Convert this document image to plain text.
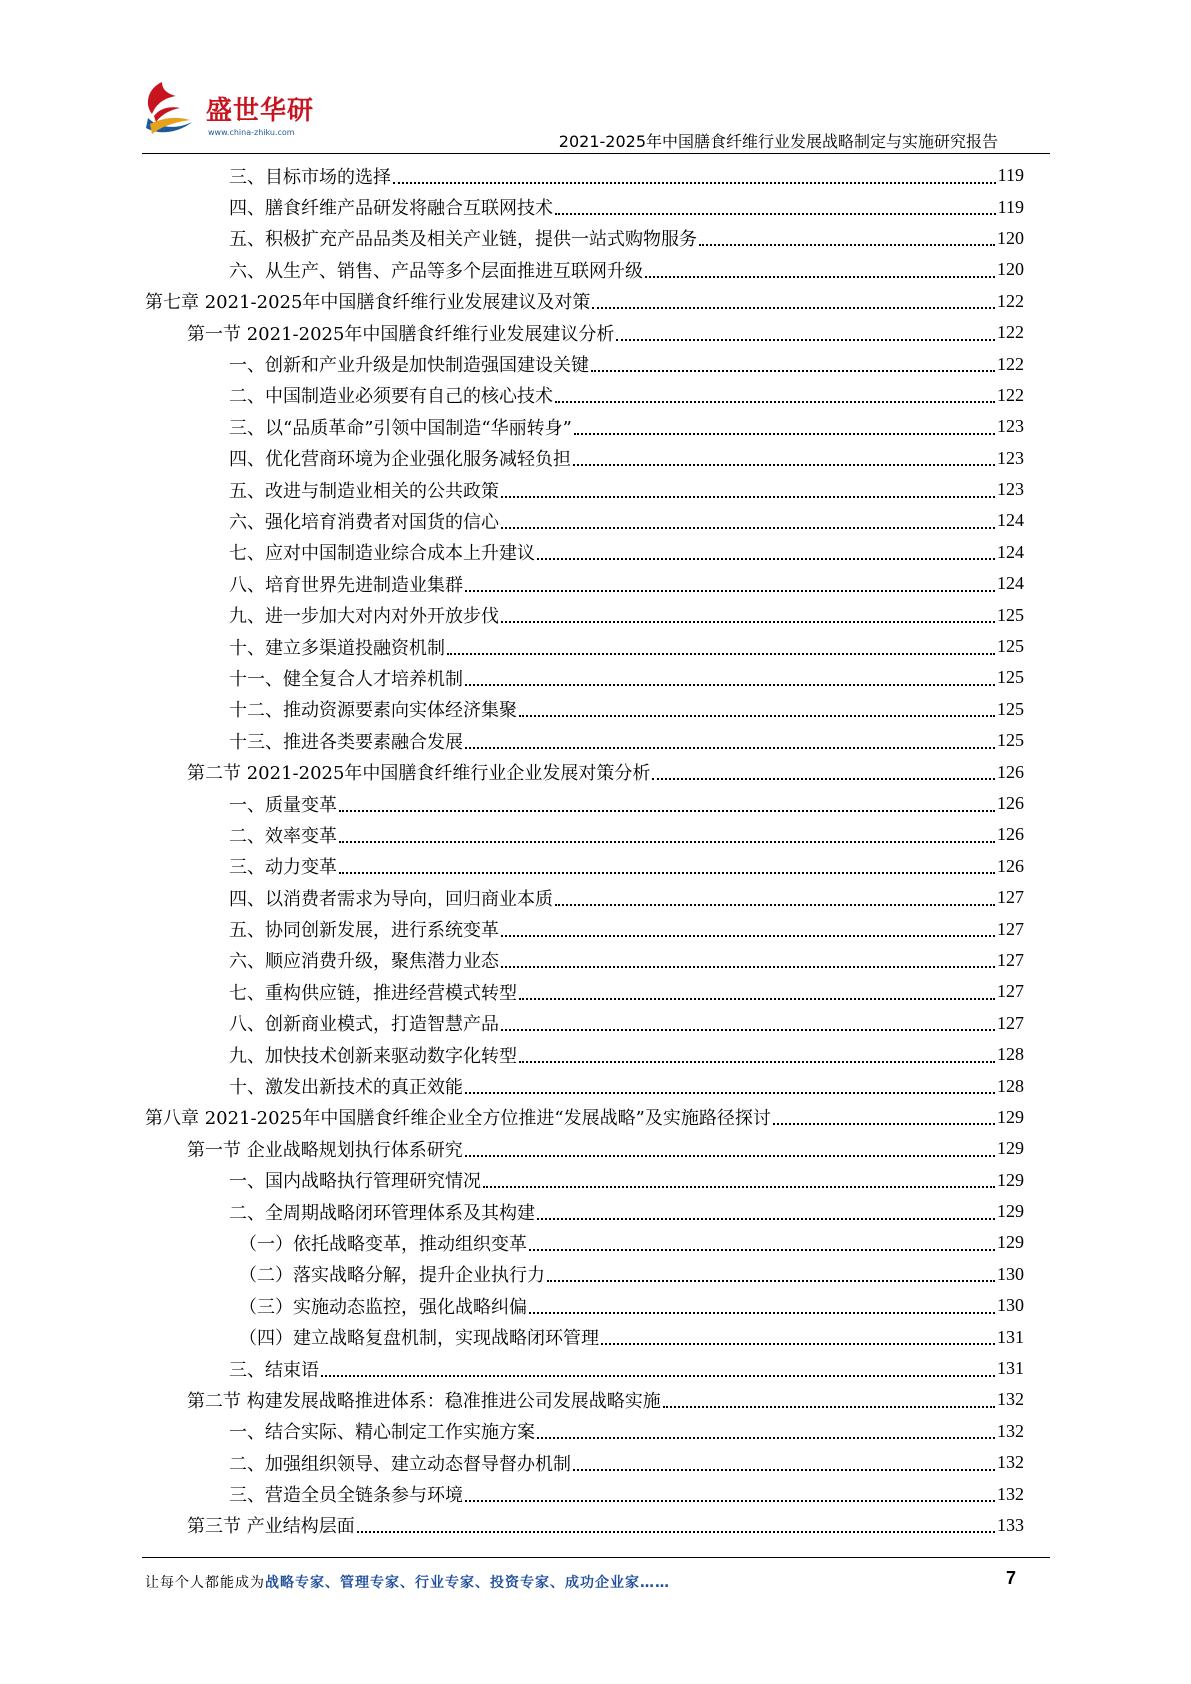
盛世华研
www.china-zhiku.com	2021-2025年中国膳食纤维行业发展战略制定与实施研究报告
三、目标市场的选择	119
四、膳食纤维产品研发将融合互联网技术	119
五、积极扩充产品品类及相关产业链，提供一站式购物服务	120
六、从生产、销售、产品等多个层面推进互联网升级	120
第七章 2021-2025年中国膳食纤维行业发展建议及对策	122
第一节 2021-2025年中国膳食纤维行业发展建议分析	122
一、创新和产业升级是加快制造强国建设关键	122
二、中国制造业必须要有自己的核心技术	122
三、以“品质革命”引领中国制造“华丽转身”	123
四、优化营商环境为企业强化服务减轻负担	123
五、改进与制造业相关的公共政策	123
六、强化培育消费者对国货的信心	124
七、应对中国制造业综合成本上升建议	124
八、培育世界先进制造业集群	124
九、进一步加大对内对外开放步伐	125
十、建立多渠道投融资机制	125
十一、健全复合人才培养机制	125
十二、推动资源要素向实体经济集聚	125
十三、推进各类要素融合发展	125
第二节 2021-2025年中国膳食纤维行业企业发展对策分析	126
一、质量变革	126
二、效率变革	126
三、动力变革	126
四、以消费者需求为导向，回归商业本质	127
五、协同创新发展，进行系统变革	127
六、顺应消费升级，聚焦潜力业态	127
七、重构供应链，推进经营模式转型	127
八、创新商业模式，打造智慧产品	127
九、加快技术创新来驱动数字化转型	128
十、激发出新技术的真正效能	128
第八章 2021-2025年中国膳食纤维企业全方位推进“发展战略”及实施路径探讨	129
第一节 企业战略规划执行体系研究	129
一、国内战略执行管理研究情况	129
二、全周期战略闭环管理体系及其构建	129
（一）依托战略变革，推动组织变革	129
（二）落实战略分解，提升企业执行力	130
（三）实施动态监控，强化战略纠偏	130
（四）建立战略复盘机制，实现战略闭环管理	131
三、结束语	131
第二节 构建发展战略推进体系：稳准推进公司发展战略实施	132
一、结合实际、精心制定工作实施方案	132
二、加强组织领导、建立动态督导督办机制	132
三、营造全员全链条参与环境	132
第三节 产业结构层面	133
让每个人都能成为战略专家、管理专家、行业专家、投资专家、成功企业家……	7
